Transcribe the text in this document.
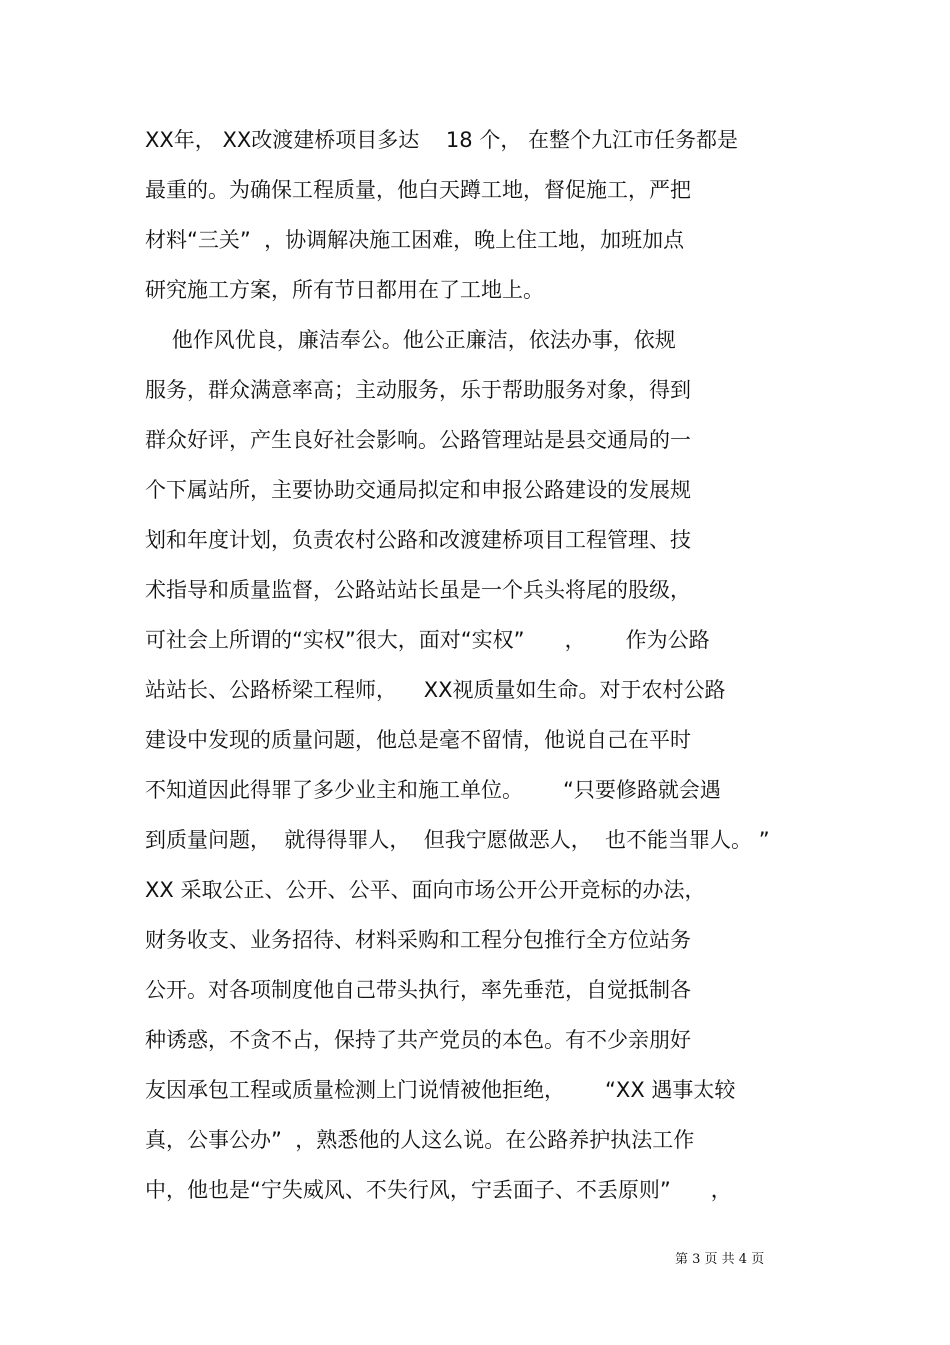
XX年， XX改渡建桥项目多达    18 个， 在整个九江市任务都是
最重的。为确保工程质量，他白天蹲工地，督促施工，严把
材料“三关”  ，协调解决施工困难，晚上住工地，加班加点
研究施工方案，所有节日都用在了工地上。
他作风优良，廉洁奉公。他公正廉洁，依法办事，依规
服务，群众满意率高；主动服务，乐于帮助服务对象，得到
群众好评，产生良好社会影响。公路管理站是县交通局的一
个下属站所，主要协助交通局拟定和申报公路建设的发展规
划和年度计划，负责农村公路和改渡建桥项目工程管理、技
术指导和质量监督，公路站站长虽是一个兵头将尾的股级，
可社会上所谓的“实权”很大，面对“实权”      ，      作为公路
站站长、公路桥梁工程师，    XX视质量如生命。对于农村公路
建设中发现的质量问题，他总是毫不留情，他说自己在平时
不知道因此得罪了多少业主和施工单位。      “只要修路就会遇
到质量问题，  就得得罪人，  但我宁愿做恶人，  也不能当罪人。 ”
XX 采取公正、公开、公平、面向市场公开公开竞标的办法，
财务收支、业务招待、材料采购和工程分包推行全方位站务
公开。对各项制度他自己带头执行，率先垂范，自觉抵制各
种诱惑，不贪不占，保持了共产党员的本色。有不少亲朋好
友因承包工程或质量检测上门说情被他拒绝，      “XX 遇事太较
真，公事公办”  ，熟悉他的人这么说。在公路养护执法工作
中，他也是“宁失威风、不失行风，宁丢面子、不丢原则”      ，
第 3 页 共 4 页
